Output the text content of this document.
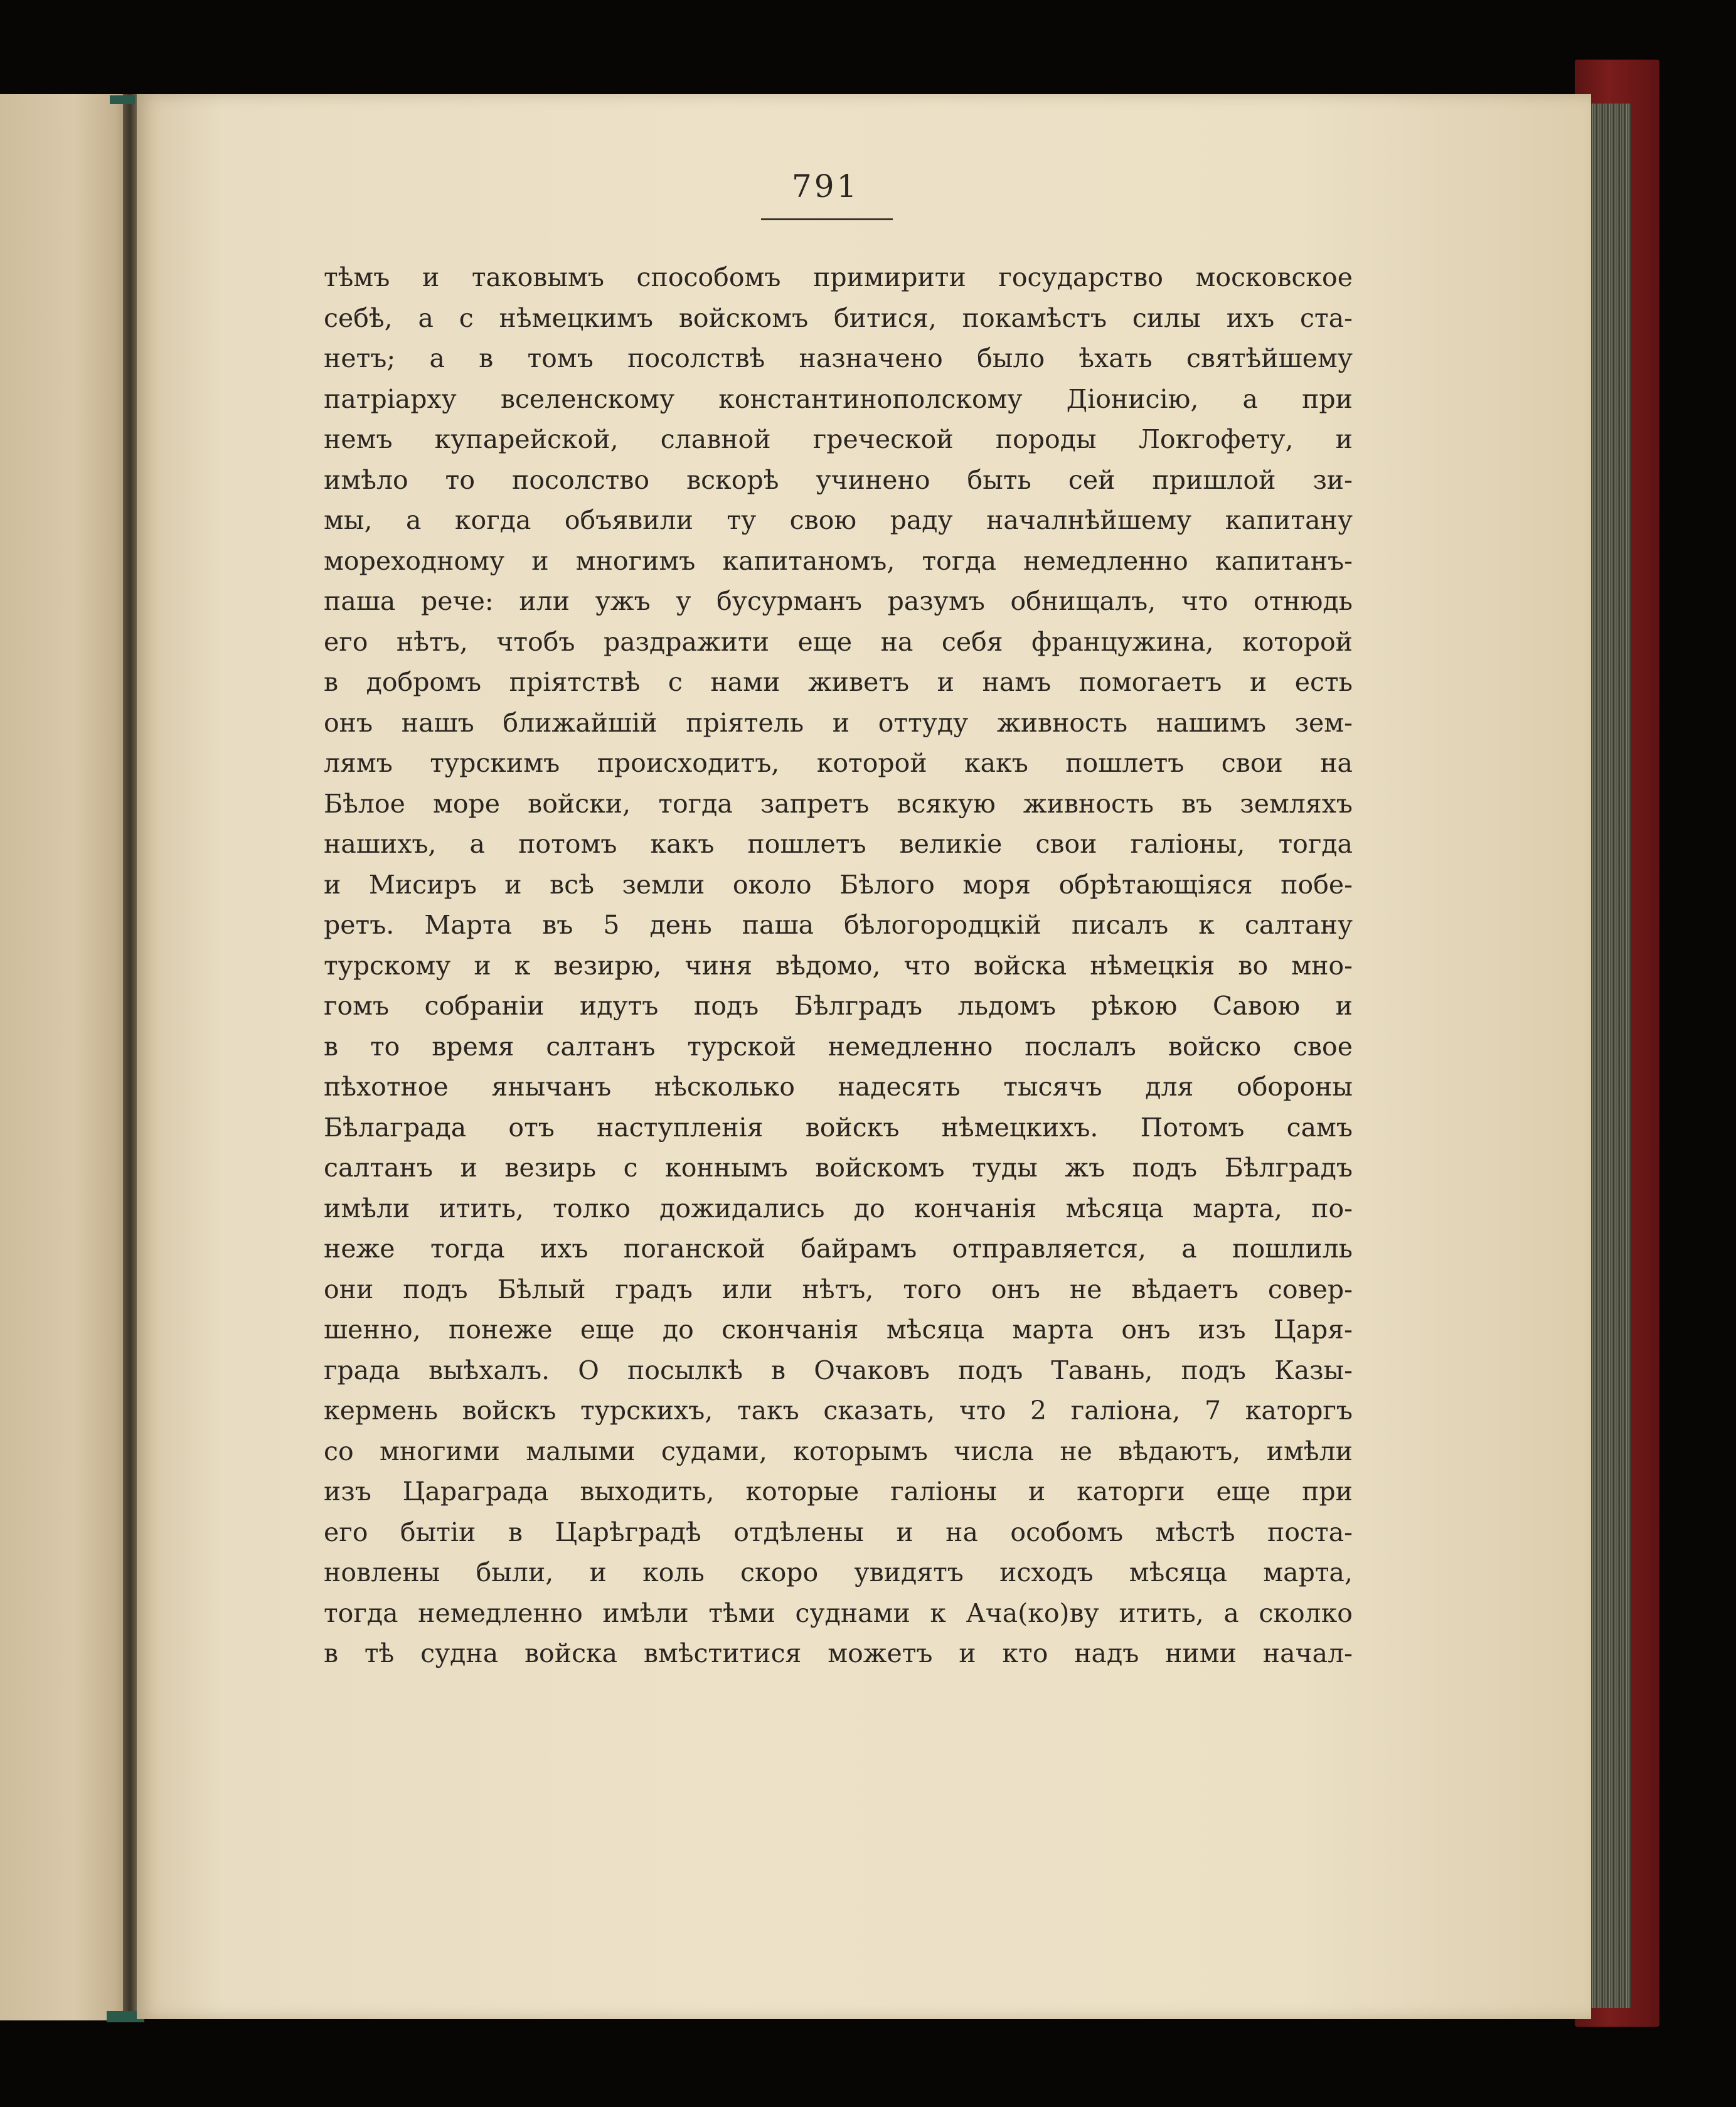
791
тѣмъ и таковымъ способомъ примирити государство московское
себѣ, а с нѣмецкимъ войскомъ битися, покамѣстъ силы ихъ ста-
нетъ; а в томъ посолствѣ назначено было ѣхать святѣйшему
патріарху вселенскому константинополскому Діонисію, а при
немъ купарейской, славной греческой породы Локгофету, и
имѣло то посолство вскорѣ учинено быть сей пришлой зи-
мы, а когда объявили ту свою раду началнѣйшему капитану
мореходному и многимъ капитаномъ, тогда немедленно капитанъ-
паша рече: или ужъ у бусурманъ разумъ обнищалъ, что отнюдь
его нѣтъ, чтобъ раздражити еще на себя францужина, которой
в добромъ пріятствѣ с нами живетъ и намъ помогаетъ и есть
онъ нашъ ближайшій пріятель и оттуду живность нашимъ зем-
лямъ турскимъ происходитъ, которой какъ пошлетъ свои на
Бѣлое море войски, тогда запретъ всякую живность въ земляхъ
нашихъ, а потомъ какъ пошлетъ великіе свои галіоны, тогда
и Мисиръ и всѣ земли около Бѣлого моря обрѣтающіяся побе-
ретъ. Марта въ 5 день паша бѣлогородцкій писалъ к салтану
турскому и к везирю, чиня вѣдомо, что войска нѣмецкія во мно-
гомъ собраніи идутъ подъ Бѣлградъ льдомъ рѣкою Савою и
в то время салтанъ турской немедленно послалъ войско свое
пѣхотное янычанъ нѣсколько надесять тысячъ для обороны
Бѣлаграда отъ наступленія войскъ нѣмецкихъ. Потомъ самъ
салтанъ и везирь с коннымъ войскомъ туды жъ подъ Бѣлградъ
имѣли итить, толко дожидались до кончанія мѣсяца марта, по-
неже тогда ихъ поганской байрамъ отправляется, а пошлиль
они подъ Бѣлый градъ или нѣтъ, того онъ не вѣдаетъ совер-
шенно, понеже еще до скончанія мѣсяца марта онъ изъ Царя-
града выѣхалъ. О посылкѣ в Очаковъ подъ Тавань, подъ Казы-
кермень войскъ турскихъ, такъ сказать, что 2 галіона, 7 каторгъ
со многими малыми судами, которымъ числа не вѣдаютъ, имѣли
изъ Цараграда выходить, которые галіоны и каторги еще при
его бытіи в Царѣградѣ отдѣлены и на особомъ мѣстѣ поста-
новлены были, и коль скоро увидятъ исходъ мѣсяца марта,
тогда немедленно имѣли тѣми суднами к Ача(ко)ву итить, а сколко
в тѣ судна войска вмѣститися можетъ и кто надъ ними начал-
